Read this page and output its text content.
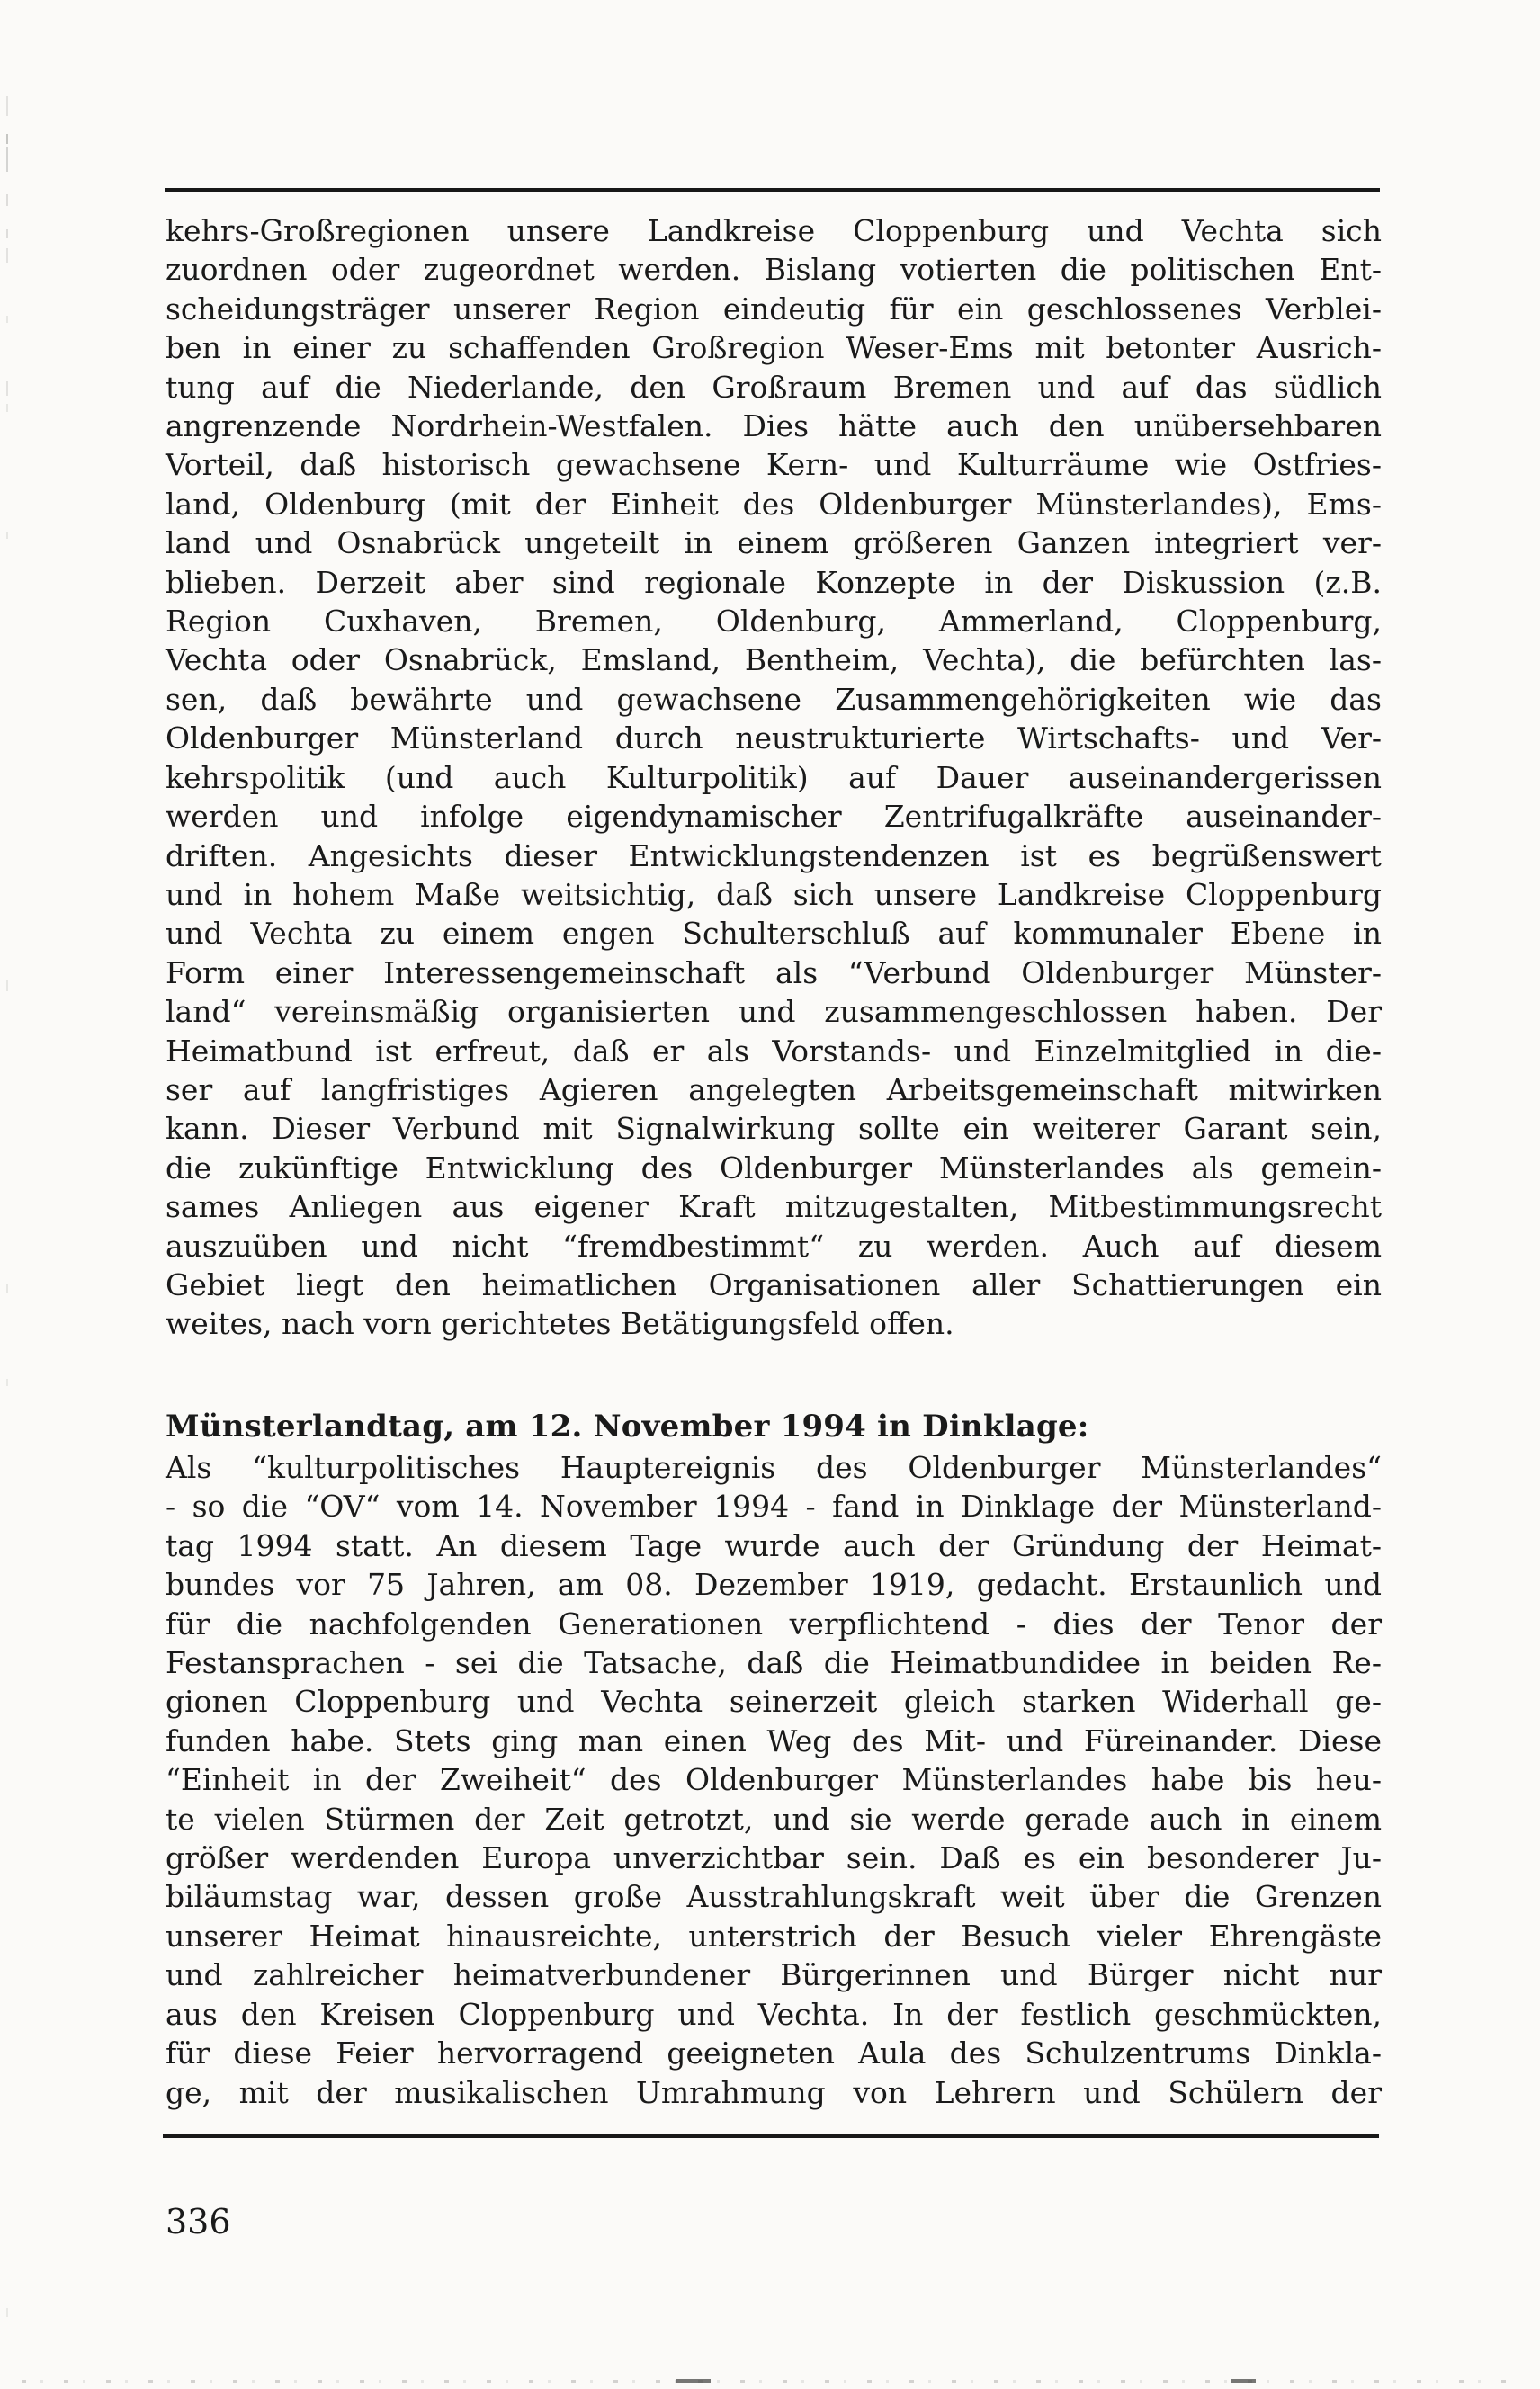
kehrs-Großregionen unsere Landkreise Cloppenburg und Vechta sich
zuordnen oder zugeordnet werden. Bislang votierten die politischen Ent-
scheidungsträger unserer Region eindeutig für ein geschlossenes Verblei-
ben in einer zu schaffenden Großregion Weser-Ems mit betonter Ausrich-
tung auf die Niederlande, den Großraum Bremen und auf das südlich
angrenzende Nordrhein-Westfalen. Dies hätte auch den unübersehbaren
Vorteil, daß historisch gewachsene Kern- und Kulturräume wie Ostfries-
land, Oldenburg (mit der Einheit des Oldenburger Münsterlandes), Ems-
land und Osnabrück ungeteilt in einem größeren Ganzen integriert ver-
blieben. Derzeit aber sind regionale Konzepte in der Diskussion (z.B.
Region Cuxhaven, Bremen, Oldenburg, Ammerland, Cloppenburg,
Vechta oder Osnabrück, Emsland, Bentheim, Vechta), die befürchten las-
sen, daß bewährte und gewachsene Zusammengehörigkeiten wie das
Oldenburger Münsterland durch neustrukturierte Wirtschafts- und Ver-
kehrspolitik (und auch Kulturpolitik) auf Dauer auseinandergerissen
werden und infolge eigendynamischer Zentrifugalkräfte auseinander-
driften. Angesichts dieser Entwicklungstendenzen ist es begrüßenswert
und in hohem Maße weitsichtig, daß sich unsere Landkreise Cloppenburg
und Vechta zu einem engen Schulterschluß auf kommunaler Ebene in
Form einer Interessengemeinschaft als “Verbund Oldenburger Münster-
land“ vereinsmäßig organisierten und zusammengeschlossen haben. Der
Heimatbund ist erfreut, daß er als Vorstands- und Einzelmitglied in die-
ser auf langfristiges Agieren angelegten Arbeitsgemeinschaft mitwirken
kann. Dieser Verbund mit Signalwirkung sollte ein weiterer Garant sein,
die zukünftige Entwicklung des Oldenburger Münsterlandes als gemein-
sames Anliegen aus eigener Kraft mitzugestalten, Mitbestimmungsrecht
auszuüben und nicht “fremdbestimmt“ zu werden. Auch auf diesem
Gebiet liegt den heimatlichen Organisationen aller Schattierungen ein
weites, nach vorn gerichtetes Betätigungsfeld offen.
Münsterlandtag, am 12. November 1994 in Dinklage:
Als “kulturpolitisches Hauptereignis des Oldenburger Münsterlandes“
- so die “OV“ vom 14. November 1994 - fand in Dinklage der Münsterland-
tag 1994 statt. An diesem Tage wurde auch der Gründung der Heimat-
bundes vor 75 Jahren, am 08. Dezember 1919, gedacht. Erstaunlich und
für die nachfolgenden Generationen verpflichtend - dies der Tenor der
Festansprachen - sei die Tatsache, daß die Heimatbundidee in beiden Re-
gionen Cloppenburg und Vechta seinerzeit gleich starken Widerhall ge-
funden habe. Stets ging man einen Weg des Mit- und Füreinander. Diese
“Einheit in der Zweiheit“ des Oldenburger Münsterlandes habe bis heu-
te vielen Stürmen der Zeit getrotzt, und sie werde gerade auch in einem
größer werdenden Europa unverzichtbar sein. Daß es ein besonderer Ju-
biläumstag war, dessen große Ausstrahlungskraft weit über die Grenzen
unserer Heimat hinausreichte, unterstrich der Besuch vieler Ehrengäste
und zahlreicher heimatverbundener Bürgerinnen und Bürger nicht nur
aus den Kreisen Cloppenburg und Vechta. In der festlich geschmückten,
für diese Feier hervorragend geeigneten Aula des Schulzentrums Dinkla-
ge, mit der musikalischen Umrahmung von Lehrern und Schülern der
336
